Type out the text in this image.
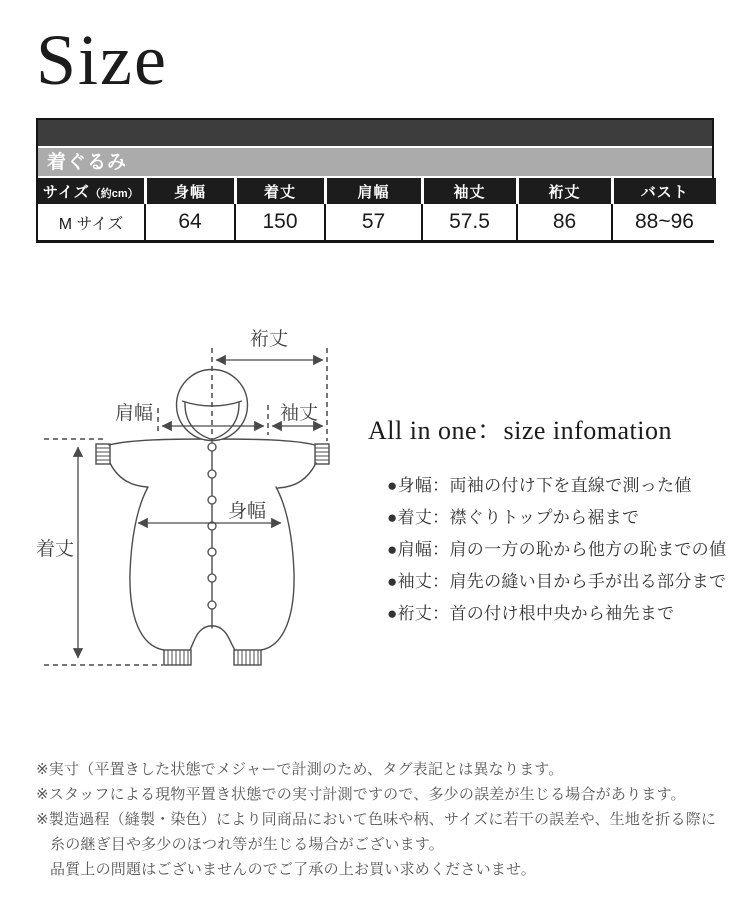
Size
着ぐるみ
サイズ（約cm）	身幅	着丈	肩幅	袖丈	裄丈	バスト
M サイズ	64	150	57	57.5	86	88~96
裄丈
肩幅	袖丈
身幅
着丈
All in one：size infomation
●身幅：両袖の付け下を直線で測った値
●着丈：襟ぐりトップから裾まで
●肩幅：肩の一方の恥から他方の恥までの値
●袖丈：肩先の縫い目から手が出る部分まで
●裄丈：首の付け根中央から袖先まで
※実寸（平置きした状態でメジャーで計測のため、タグ表記とは異なります。
※スタッフによる現物平置き状態での実寸計測ですので、多少の誤差が生じる場合があります。
※製造過程（縫製・染色）により同商品において色味や柄、サイズに若干の誤差や、生地を折る際に
糸の継ぎ目や多少のほつれ等が生じる場合がございます。
品質上の問題はございませんのでご了承の上お買い求めくださいませ。
